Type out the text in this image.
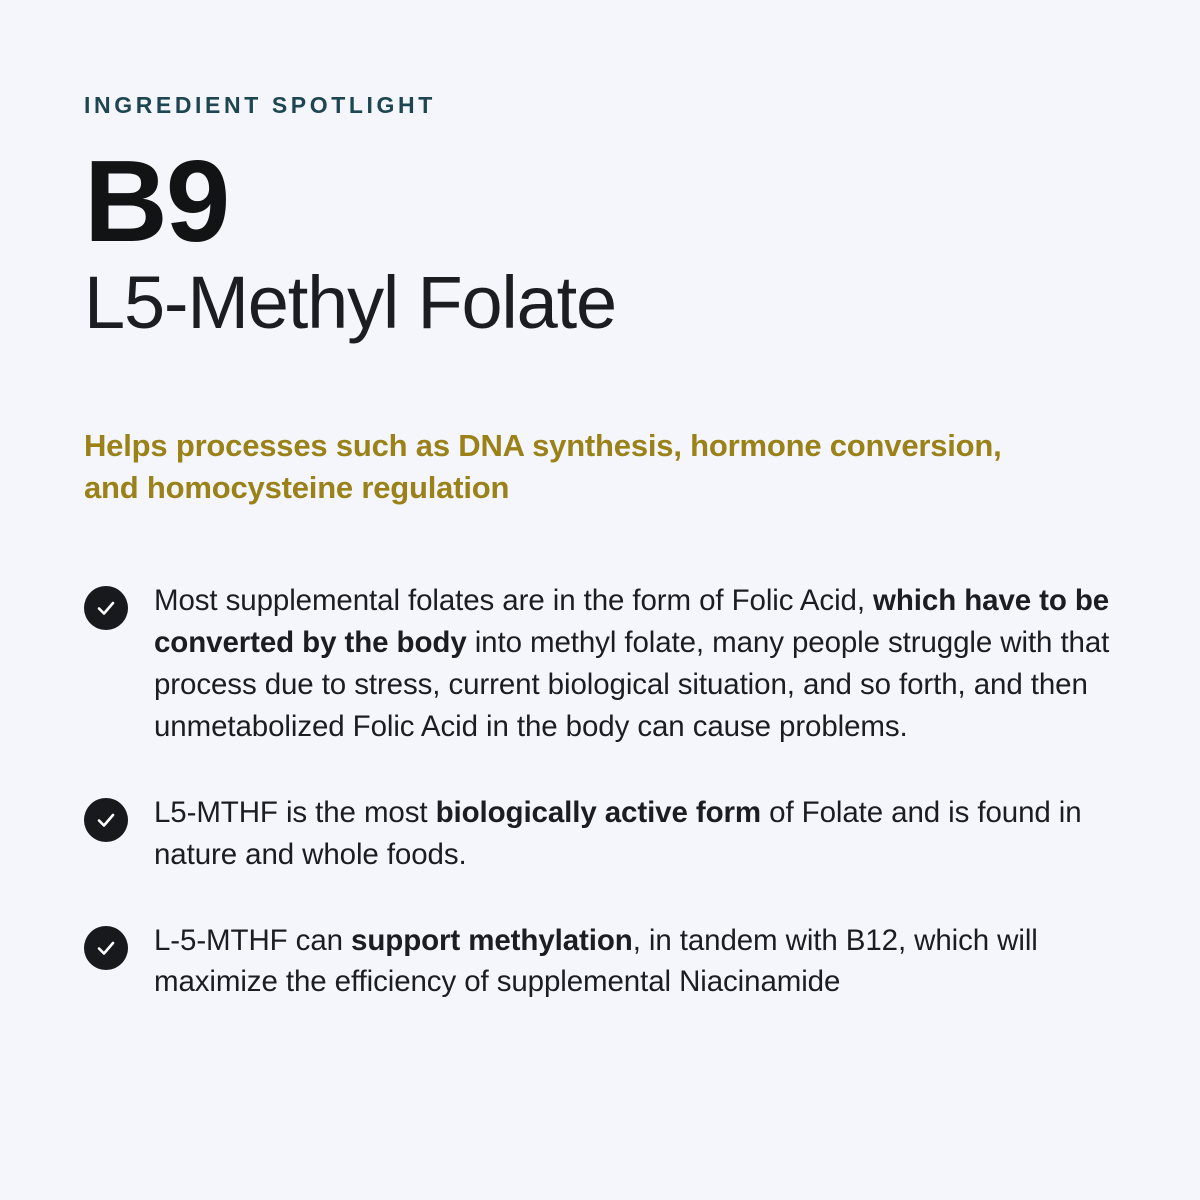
INGREDIENT SPOTLIGHT
B9
L5-Methyl Folate
Helps processes such as DNA synthesis, hormone conversion, and homocysteine regulation
Most supplemental folates are in the form of Folic Acid, which have to be converted by the body into methyl folate, many people struggle with that process due to stress, current biological situation, and so forth, and then unmetabolized Folic Acid in the body can cause problems.
L5-MTHF is the most biologically active form of Folate and is found in nature and whole foods.
L-5-MTHF can support methylation, in tandem with B12, which will maximize the efficiency of supplemental Niacinamide
